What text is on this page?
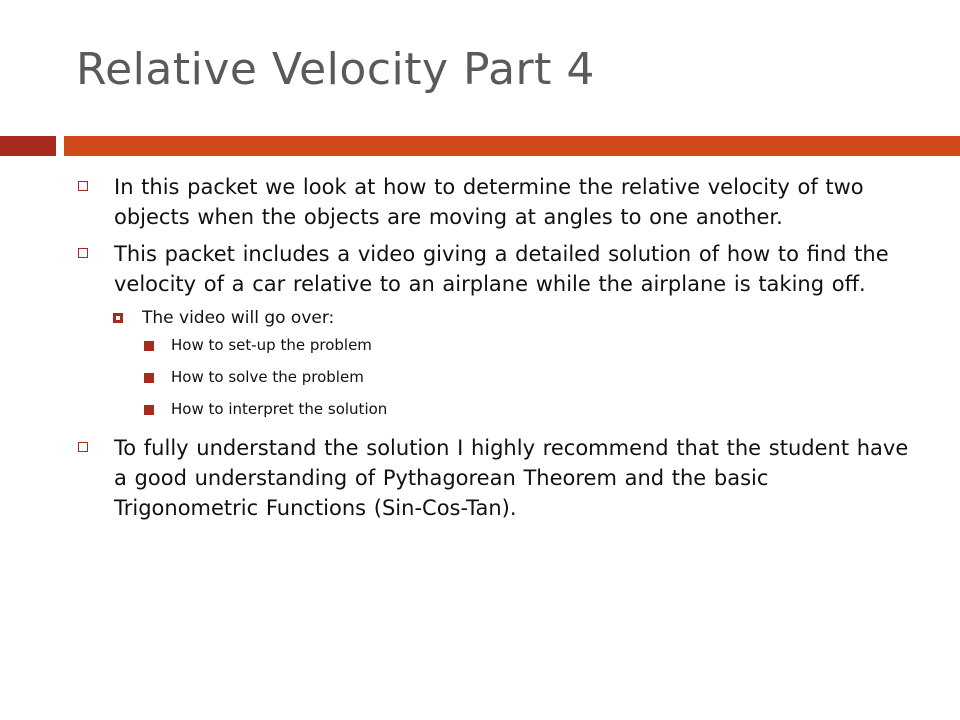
Relative Velocity Part 4
In this packet we look at how to determine the relative velocity of two objects when the objects are moving at angles to one another.
This packet includes a video giving a detailed solution of how to find the velocity of a car relative to an airplane while the airplane is taking off.
The video will go over:
How to set-up the problem
How to solve the problem
How to interpret the solution
To fully understand the solution I highly recommend that the student have a good understanding of Pythagorean Theorem and the basic Trigonometric Functions (Sin-Cos-Tan).
